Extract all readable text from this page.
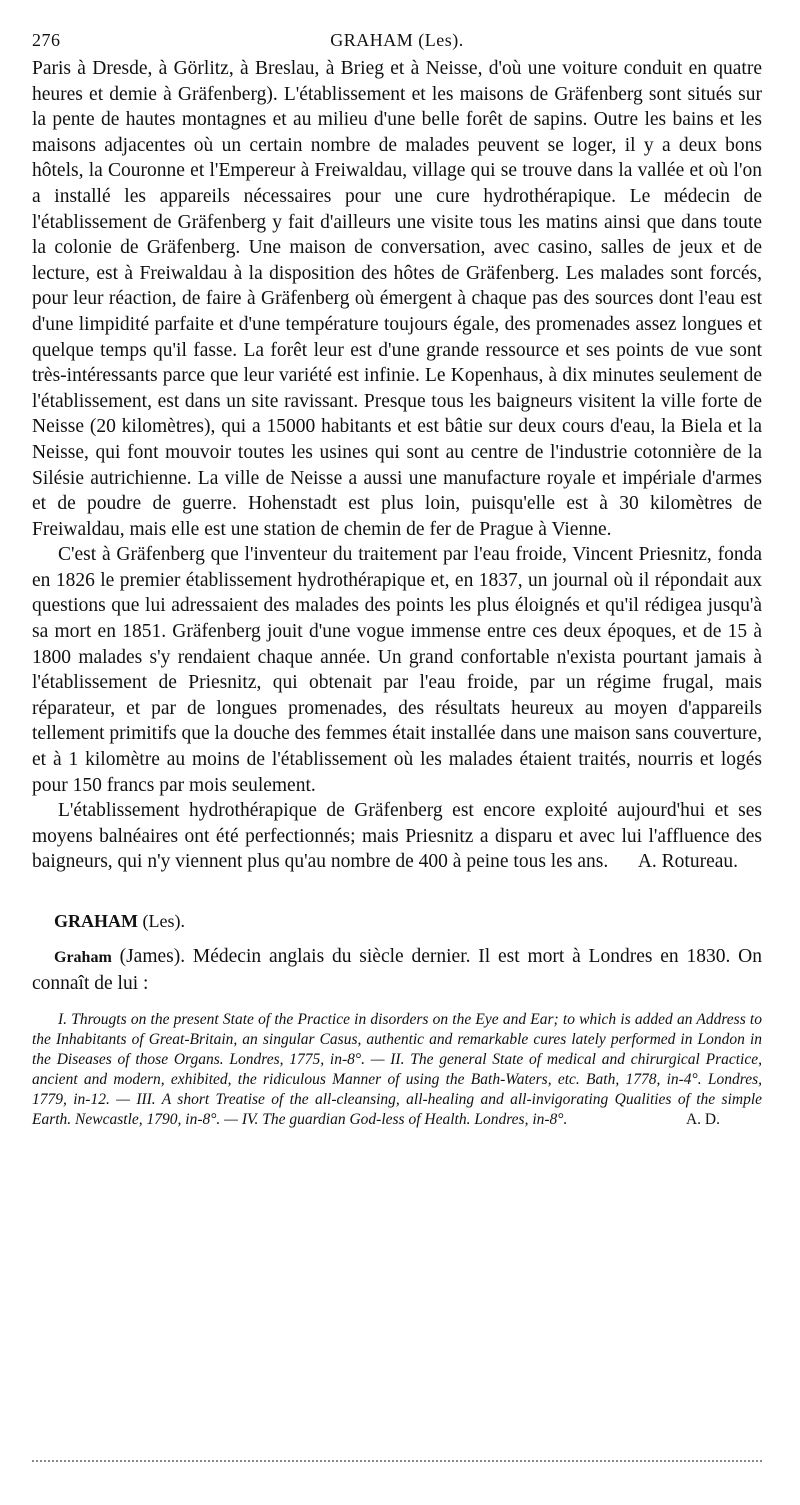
276	GRAHAM (Les).

Paris à Dresde, à Görlitz, à Breslau, à Brieg et à Neisse, d'où une voiture conduit en quatre heures et demie à Gräfenberg). L'établissement et les maisons de Gräfenberg sont situés sur la pente de hautes montagnes et au milieu d'une belle forêt de sapins. Outre les bains et les maisons adjacentes où un certain nombre de malades peuvent se loger, il y a deux bons hôtels, la Couronne et l'Empereur à Freiwaldau, village qui se trouve dans la vallée et où l'on a installé les appareils nécessaires pour une cure hydrothérapique. Le médecin de l'établissement de Gräfenberg y fait d'ailleurs une visite tous les matins ainsi que dans toute la colonie de Gräfenberg. Une maison de conversation, avec casino, salles de jeux et de lecture, est à Freiwaldau à la disposition des hôtes de Gräfenberg. Les malades sont forcés, pour leur réaction, de faire à Gräfenberg où émergent à chaque pas des sources dont l'eau est d'une limpidité parfaite et d'une température toujours égale, des promenades assez longues et quelque temps qu'il fasse. La forêt leur est d'une grande ressource et ses points de vue sont très-intéressants parce que leur variété est infinie. Le Kopenhaus, à dix minutes seulement de l'établissement, est dans un site ravissant. Presque tous les baigneurs visitent la ville forte de Neisse (20 kilomètres), qui a 15000 habitants et est bâtie sur deux cours d'eau, la Biela et la Neisse, qui font mouvoir toutes les usines qui sont au centre de l'industrie cotonnière de la Silésie autrichienne. La ville de Neisse a aussi une manufacture royale et impériale d'armes et de poudre de guerre. Hohenstadt est plus loin, puisqu'elle est à 30 kilomètres de Freiwaldau, mais elle est une station de chemin de fer de Prague à Vienne.

C'est à Gräfenberg que l'inventeur du traitement par l'eau froide, Vincent Priesnitz, fonda en 1826 le premier établissement hydrothérapique et, en 1837, un journal où il répondait aux questions que lui adressaient des malades des points les plus éloignés et qu'il rédigea jusqu'à sa mort en 1851. Gräfenberg jouit d'une vogue immense entre ces deux époques, et de 15 à 1800 malades s'y rendaient chaque année. Un grand confortable n'exista pourtant jamais à l'établissement de Priesnitz, qui obtenait par l'eau froide, par un régime frugal, mais réparateur, et par de longues promenades, des résultats heureux au moyen d'appareils tellement primitifs que la douche des femmes était installée dans une maison sans couverture, et à 1 kilomètre au moins de l'établissement où les malades étaient traités, nourris et logés pour 150 francs par mois seulement.

L'établissement hydrothérapique de Gräfenberg est encore exploité aujourd'hui et ses moyens balnéaires ont été perfectionnés; mais Priesnitz a disparu et avec lui l'affluence des baigneurs, qui n'y viennent plus qu'au nombre de 400 à peine tous les ans.	A. Rotureau.
GRAHAM (Les).
Graham (James). Médecin anglais du siècle dernier. Il est mort à Londres en 1830. On connaît de lui :

I. Througts on the present State of the Practice in disorders on the Eye and Ear; to which is added an Address to the Inhabitants of Great-Britain, an singular Casus, authentic and remarkable cures lately performed in London in the Diseases of those Organs. Londres, 1775, in-8°. — II. The general State of medical and chirurgical Practice, ancient and modern, exhibited, the ridiculous Manner of using the Bath-Waters, etc. Bath, 1778, in-4°. Londres, 1779, in-12. — III. A short Treatise of the all-cleansing, all-healing and all-invigorating Qualities of the simple Earth. Newcastle, 1790, in-8°. — IV. The guardian God-less of Health. Londres, in-8°.	A. D.
